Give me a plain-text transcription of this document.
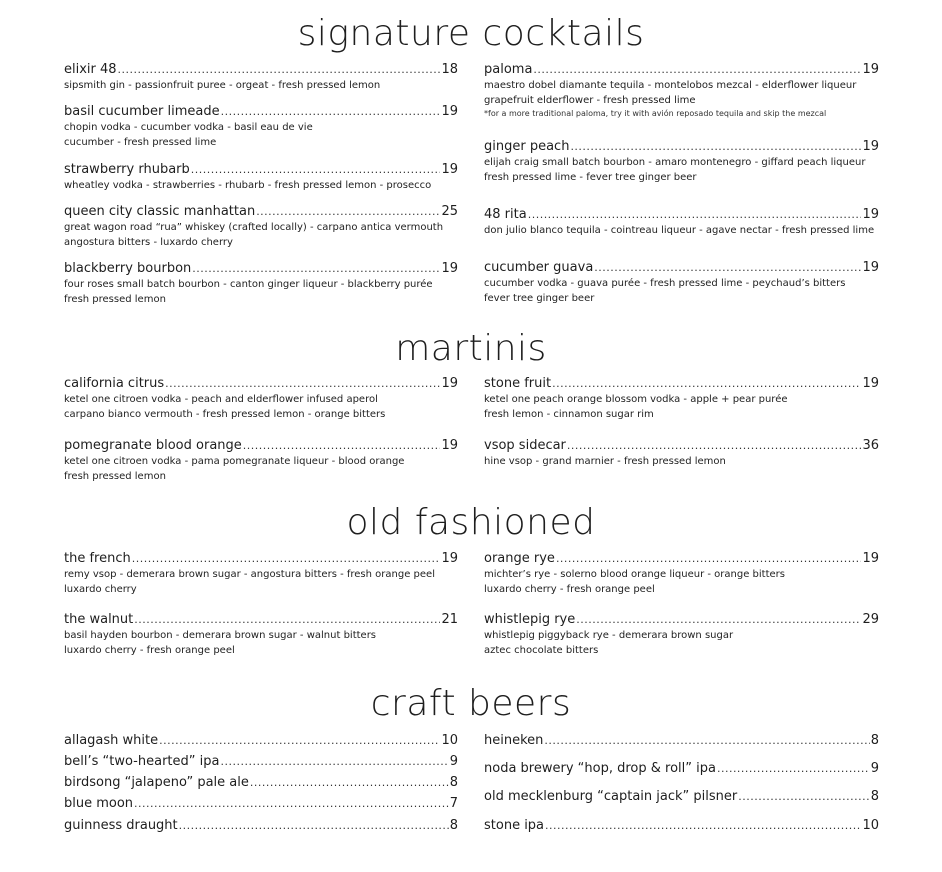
signature cocktails
elixir 48 .....	18
sipsmith gin - passionfruit puree - orgeat - fresh pressed lemon
basil cucumber limeade .....	19
chopin vodka - cucumber vodka - basil eau de vie
cucumber - fresh pressed lime
strawberry rhubarb .....	19
wheatley vodka - strawberries - rhubarb - fresh pressed lemon - prosecco
queen city classic manhattan .....	25
great wagon road “rua” whiskey (crafted locally) - carpano antica vermouth
angostura bitters - luxardo cherry
blackberry bourbon .....	19
four roses small batch bourbon - canton ginger liqueur - blackberry purée
fresh pressed lemon
paloma .....	19
maestro dobel diamante tequila - montelobos mezcal - elderflower liqueur
grapefruit elderflower - fresh pressed lime
*for a more traditional paloma, try it with avión reposado tequila and skip the mezcal
ginger peach .....	19
elijah craig small batch bourbon - amaro montenegro - giffard peach liqueur
fresh pressed lime - fever tree ginger beer
48 rita .....	19
don julio blanco tequila - cointreau liqueur - agave nectar - fresh pressed lime
cucumber guava .....	19
cucumber vodka - guava purée - fresh pressed lime - peychaud’s bitters
fever tree ginger beer
martinis
california citrus .....	19
ketel one citroen vodka - peach and elderflower infused aperol
carpano bianco vermouth - fresh pressed lemon - orange bitters
pomegranate blood orange .....	19
ketel one citroen vodka - pama pomegranate liqueur - blood orange
fresh pressed lemon
stone fruit .....	19
ketel one peach orange blossom vodka - apple + pear purée
fresh lemon - cinnamon sugar rim
vsop sidecar .....	36
hine vsop - grand marnier - fresh pressed lemon
old fashioned
the french .....	19
remy vsop - demerara brown sugar - angostura bitters - fresh orange peel
luxardo cherry
the walnut .....	21
basil hayden bourbon - demerara brown sugar - walnut bitters
luxardo cherry - fresh orange peel
orange rye .....	19
michter’s rye - solerno blood orange liqueur - orange bitters
luxardo cherry - fresh orange peel
whistlepig rye .....	29
whistlepig piggyback rye - demerara brown sugar
aztec chocolate bitters
craft beers
allagash white .....	10
bell’s “two-hearted” ipa .....	9
birdsong “jalapeno” pale ale .....	8
blue moon .....	7
guinness draught .....	8
heineken .....	8
noda brewery “hop, drop & roll” ipa .....	9
old mecklenburg “captain jack” pilsner .....	8
stone ipa .....	10
